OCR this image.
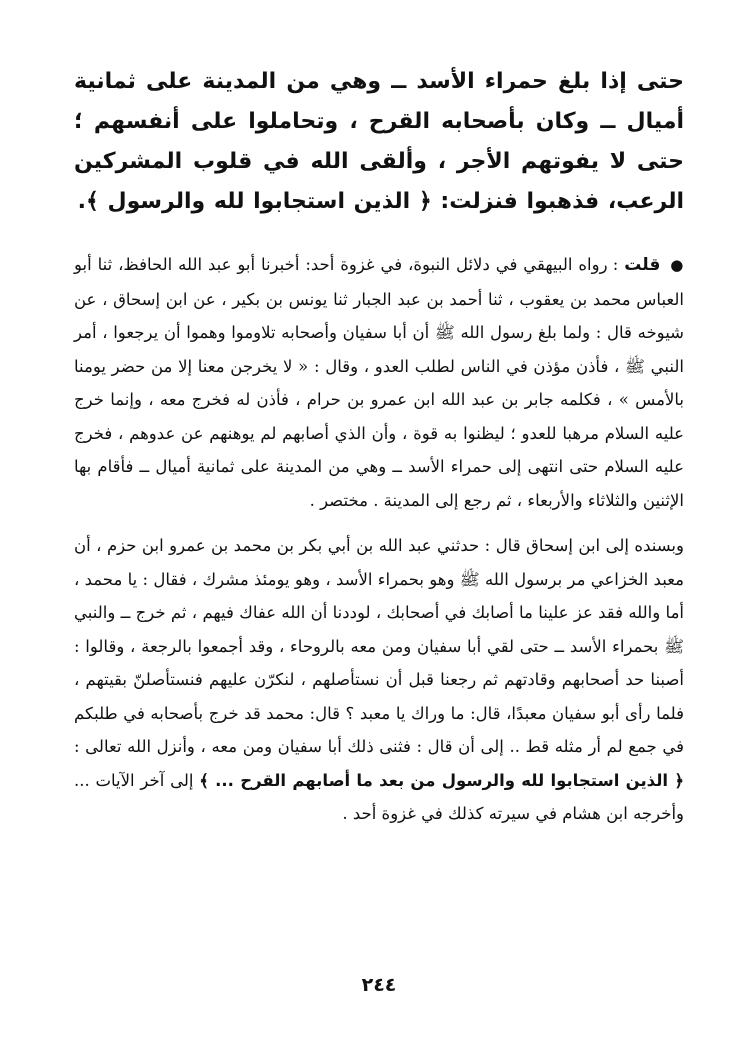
حتى إذا بلغ حمراء الأسد ــ وهي من المدينة على ثمانية أميال ــ وكان بأصحابه القرح ، وتحاملوا على أنفسهم ؛ حتى لا يفوتهم الأجر ، وألقى الله في قلوب المشركين الرعب، فذهبوا فنزلت: ﴿ الذين استجابوا لله والرسول ﴾.

● قلت : رواه البيهقي في دلائل النبوة، في غزوة أحد: أخبرنا أبو عبد الله الحافظ، ثنا أبو العباس محمد بن يعقوب ، ثنا أحمد بن عبد الجبار ثنا يونس بن بكير ، عن ابن إسحاق ، عن شيوخه قال : ولما بلغ رسول الله ﷺ أن أبا سفيان وأصحابه تلاوموا وهموا أن يرجعوا ، أمر النبي ﷺ ، فأذن مؤذن في الناس لطلب العدو ، وقال : « لا يخرجن معنا إلا من حضر يومنا بالأمس » ، فكلمه جابر بن عبد الله ابن عمرو بن حرام ، فأذن له فخرج معه ، وإنما خرج عليه السلام مرهبا للعدو ؛ ليظنوا به قوة ، وأن الذي أصابهم لم يوهنهم عن عدوهم ، فخرج عليه السلام حتى انتهى إلى حمراء الأسد ــ وهي من المدينة على ثمانية أميال ــ فأقام بها الإثنين والثلاثاء والأربعاء ، ثم رجع إلى المدينة . مختصر .

وبسنده إلى ابن إسحاق قال : حدثني عبد الله بن أبي بكر بن محمد بن عمرو ابن حزم ، أن معبد الخزاعي مر برسول الله ﷺ وهو بحمراء الأسد ، وهو يومئذ مشرك ، فقال : يا محمد ، أما والله فقد عز علينا ما أصابك في أصحابك ، لوددنا أن الله عفاك فيهم ، ثم خرج ــ والنبي ﷺ بحمراء الأسد ــ حتى لقي أبا سفيان ومن معه بالروحاء ، وقد أجمعوا بالرجعة ، وقالوا : أصبنا حد أصحابهم وقادتهم ثم رجعنا قبل أن نستأصلهم ، لنكرّن عليهم فنستأصلنّ بقيتهم ، فلما رأى أبو سفيان معبدًا، قال: ما وراك يا معبد ؟ قال: محمد قد خرج بأصحابه في طلبكم في جمع لم أر مثله قط .. إلى أن قال : فثنى ذلك أبا سفيان ومن معه ، وأنزل الله تعالى : ﴿ الذين استجابوا لله والرسول من بعد ما أصابهم القرح ... ﴾ إلى آخر الآيات ... وأخرجه ابن هشام في سيرته كذلك في غزوة أحد .

٢٤٤
